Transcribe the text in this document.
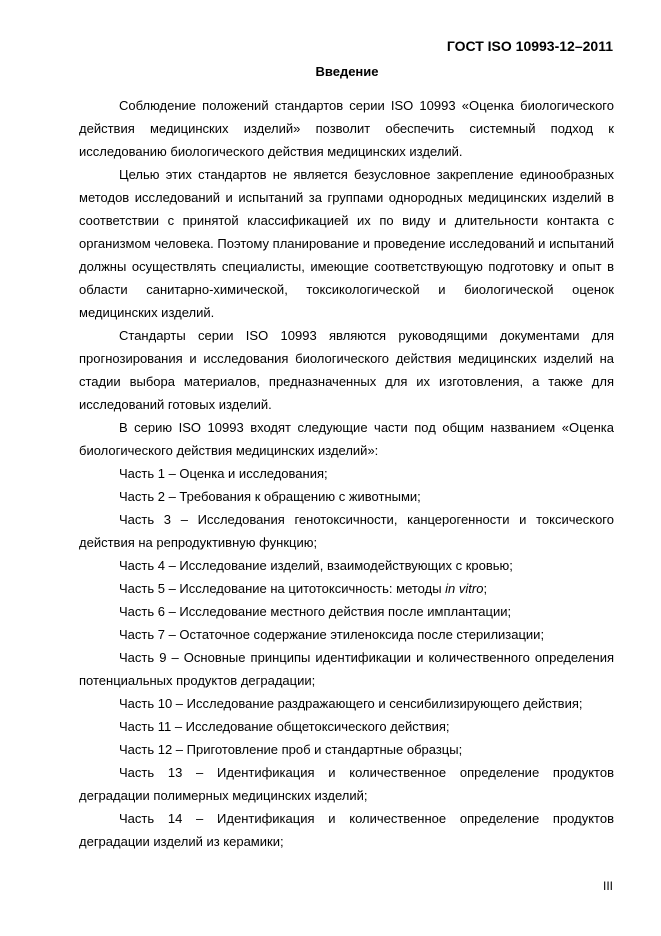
ГОСТ ISO 10993-12–2011
Введение

Соблюдение положений стандартов серии ISO 10993 «Оценка биологического действия медицинских изделий» позволит обеспечить системный подход к исследованию биологического действия медицинских изделий.

Целью этих стандартов не является безусловное закрепление единообразных методов исследований и испытаний за группами однородных медицинских изделий в соответствии с принятой классификацией их по виду и длительности контакта с организмом человека. Поэтому планирование и проведение исследований и испытаний должны осуществлять специалисты, имеющие соответствующую подготовку и опыт в области санитарно-химической, токсикологической и биологической оценок медицинских изделий.

Стандарты серии ISO 10993 являются руководящими документами для прогнозирования и исследования биологического действия медицинских изделий на стадии выбора материалов, предназначенных для их изготовления, а также для исследований готовых изделий.

В серию ISO 10993 входят следующие части под общим названием «Оценка биологического действия медицинских изделий»:

Часть 1 – Оценка и исследования;

Часть 2 – Требования к обращению с животными;

Часть 3 – Исследования генотоксичности, канцерогенности и токсического действия на репродуктивную функцию;

Часть 4 – Исследование изделий, взаимодействующих с кровью;

Часть 5 – Исследование на цитотоксичность: методы in vitro;

Часть 6 – Исследование местного действия после имплантации;

Часть 7 – Остаточное содержание этиленоксида после стерилизации;

Часть 9 – Основные принципы идентификации и количественного определения потенциальных продуктов деградации;

Часть 10 – Исследование раздражающего и сенсибилизирующего действия;

Часть 11 – Исследование общетоксического действия;

Часть 12 – Приготовление проб и стандартные образцы;

Часть 13 – Идентификация и количественное определение продуктов деградации полимерных медицинских изделий;

Часть 14 – Идентификация и количественное определение продуктов деградации изделий из керамики;

III
